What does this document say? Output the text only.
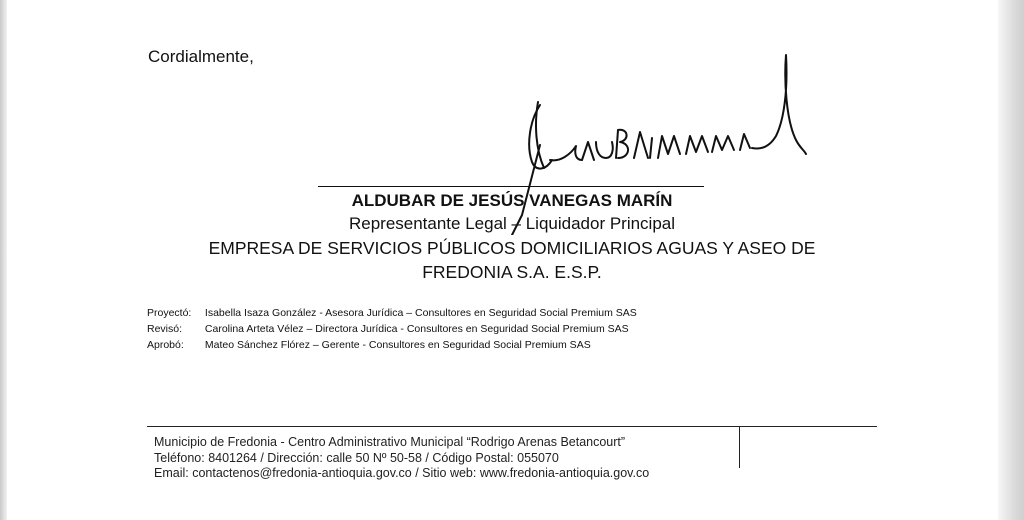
Cordialmente,
ALDUBAR DE JESÚS VANEGAS MARÍN
Representante Legal – Liquidador Principal
EMPRESA DE SERVICIOS PÚBLICOS DOMICILIARIOS AGUAS Y ASEO DE
FREDONIA S.A. E.S.P.
Proyectó: Isabella Isaza González - Asesora Jurídica – Consultores en Seguridad Social Premium SAS
Revisó: Carolina Arteta Vélez – Directora Jurídica - Consultores en Seguridad Social Premium SAS
Aprobó: Mateo Sánchez Flórez – Gerente - Consultores en Seguridad Social Premium SAS
Municipio de Fredonia - Centro Administrativo Municipal “Rodrigo Arenas Betancourt”
Teléfono: 8401264 / Dirección: calle 50 Nº 50-58 / Código Postal: 055070
Email: contactenos@fredonia-antioquia.gov.co / Sitio web: www.fredonia-antioquia.gov.co
